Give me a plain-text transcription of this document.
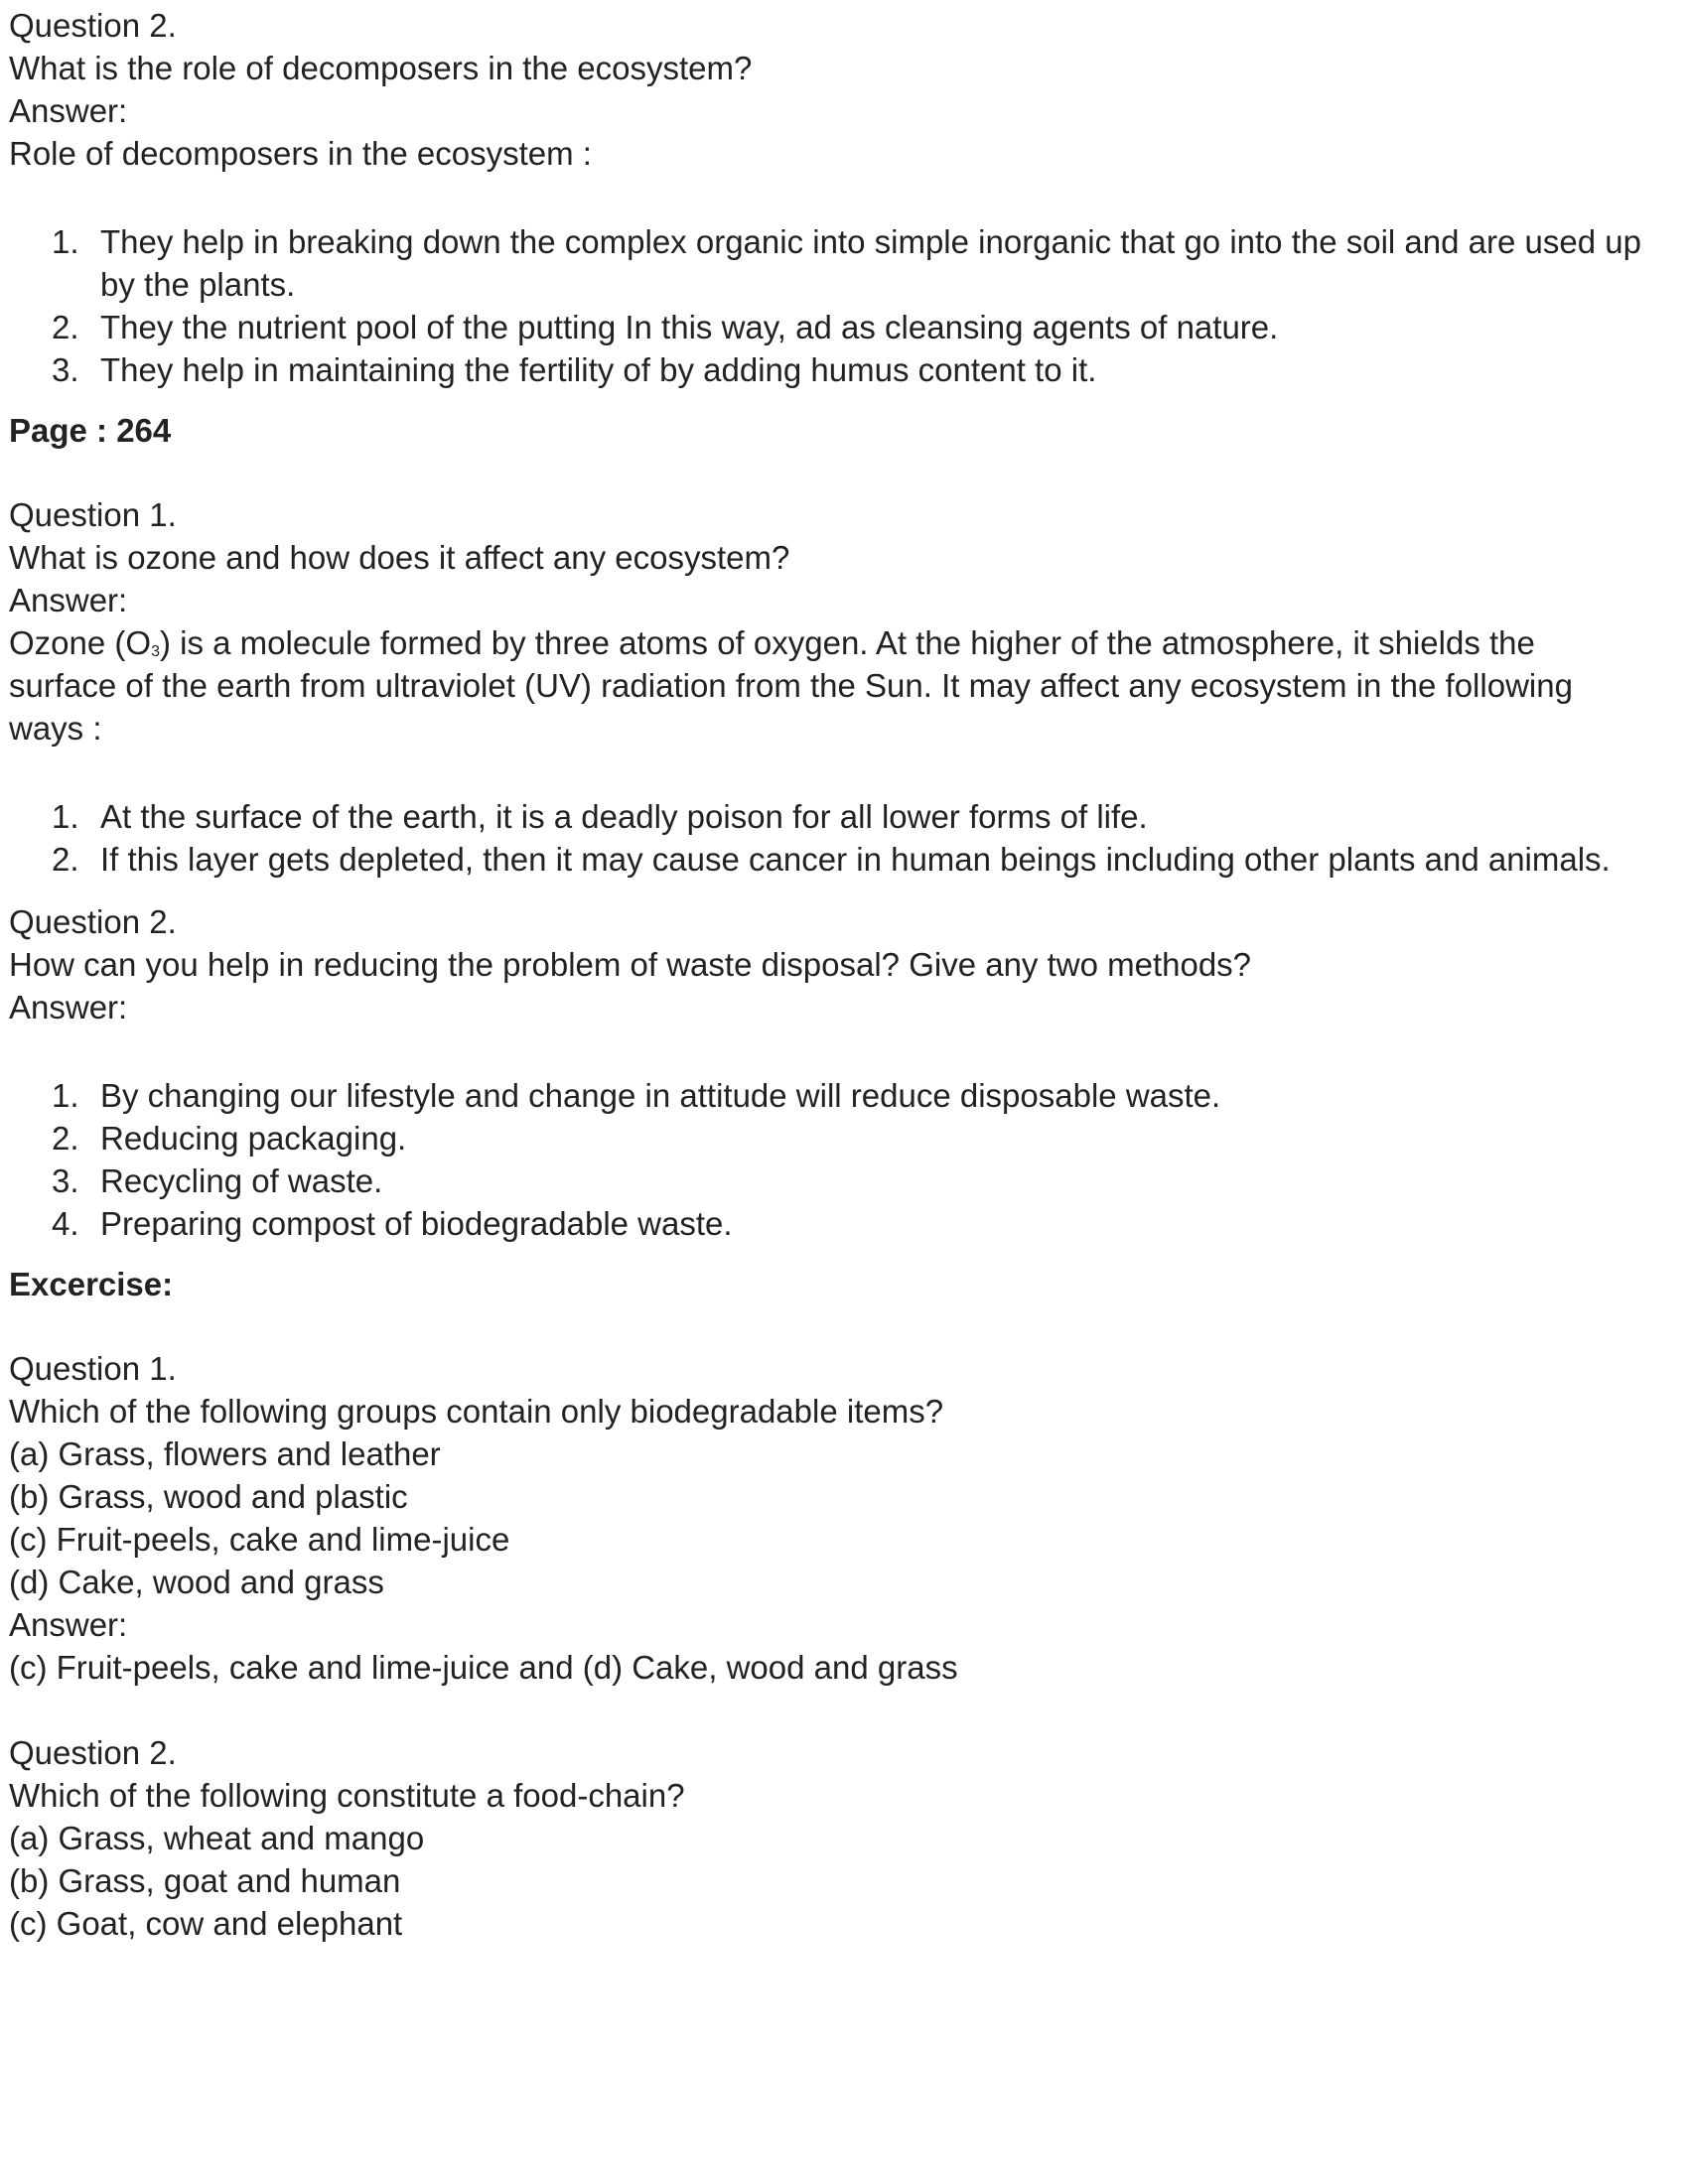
Question 2.

What is the role of decomposers in the ecosystem?

Answer:

Role of decomposers in the ecosystem :

1. They help in breaking down the complex organic into simple inorganic that go into the soil and are used up by the plants.
2. They the nutrient pool of the putting In this way, ad as cleansing agents of nature.
3. They help in maintaining the fertility of by adding humus content to it.

Page : 264

Question 1.

What is ozone and how does it affect any ecosystem?

Answer:

Ozone $(O_3)$ is a molecule formed by three atoms of oxygen. At the higher of the atmosphere, it shields the surface of the earth from ultraviolet (UV) radiation from the Sun. It may affect any ecosystem in the following ways :

1. At the surface of the earth, it is a deadly poison for all lower forms of life.
2. If this layer gets depleted, then it may cause cancer in human beings including other plants and animals.

Question 2.

How can you help in reducing the problem of waste disposal? Give any two methods?

Answer:

1. By changing our lifestyle and change in attitude will reduce disposable waste.
2. Reducing packaging.
3. Recycling of waste.
4. Preparing compost of biodegradable waste.

Excercise:

Question 1.

Which of the following groups contain only biodegradable items?

(a) Grass, flowers and leather

(b) Grass, wood and plastic

(c) Fruit-peels, cake and lime-juice

(d) Cake, wood and grass

Answer:

(c) Fruit-peels, cake and lime-juice and (d) Cake, wood and grass

Question 2.

Which of the following constitute a food-chain?

(a) Grass, wheat and mango

(b) Grass, goat and human

(c) Goat, cow and elephant
